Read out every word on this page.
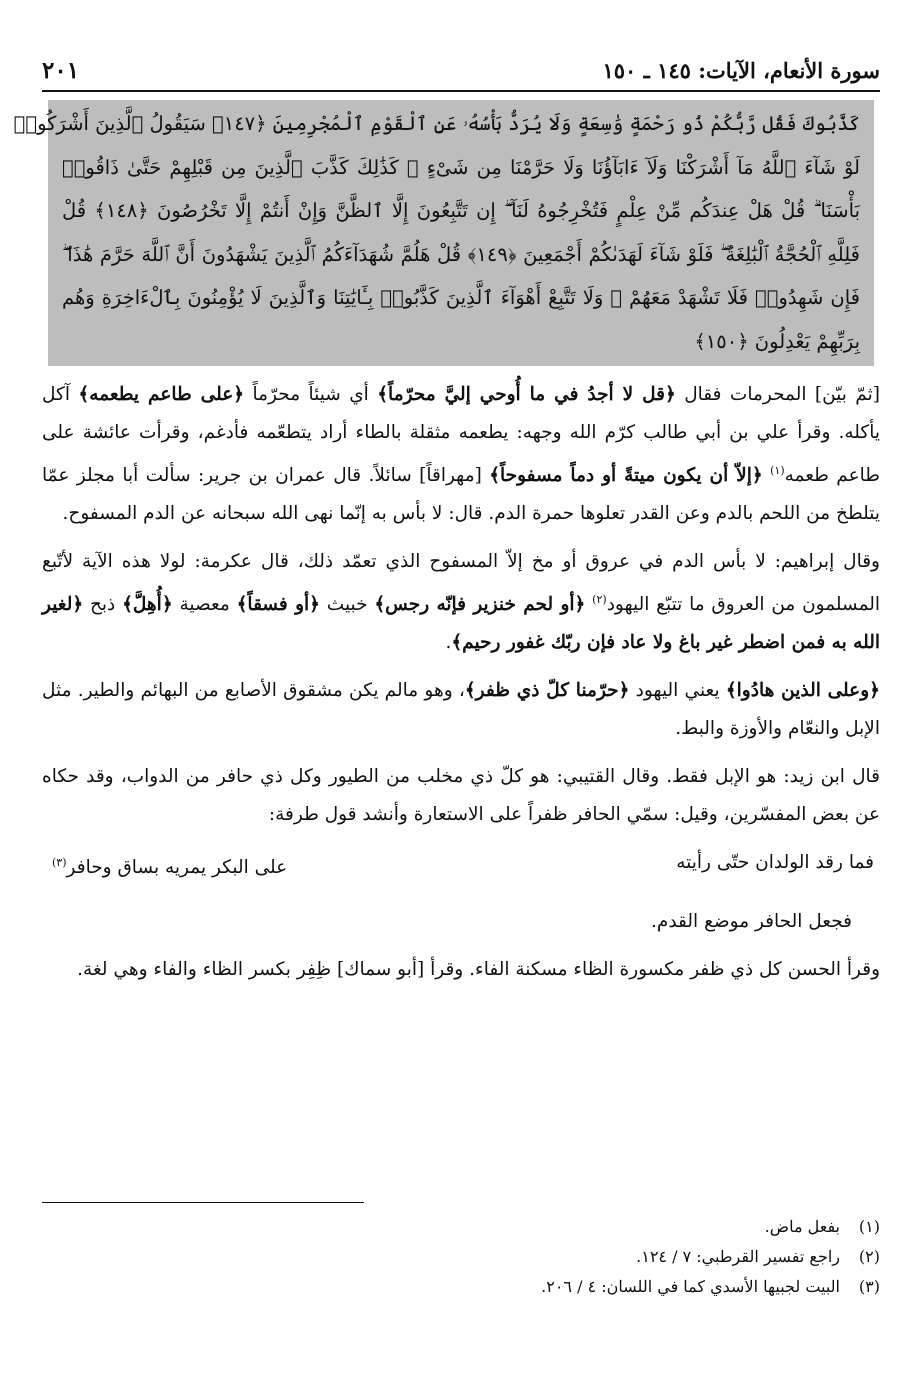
سورة الأنعام، الآيات: ١٤٥ ـ ١٥٠
٢٠١
كَذَّبُوكَ فَقُل رَّبُّكُمْ ذُو رَحْمَةٍ وَٰسِعَةٍ وَلَا يُرَدُّ بَأْسُهُۥ عَنِ ٱلْقَوْمِ ٱلْمُجْرِمِينَ ﴿١٤٧﴾ سَيَقُولُ ٱلَّذِينَ أَشْرَكُوا۟
لَوْ شَآءَ ٱللَّهُ مَآ أَشْرَكْنَا وَلَآ ءَابَآؤُنَا وَلَا حَرَّمْنَا مِن شَىْءٍ ۚ كَذَٰلِكَ كَذَّبَ ٱلَّذِينَ مِن قَبْلِهِمْ حَتَّىٰ ذَاقُوا۟
بَأْسَنَا ۗ قُلْ هَلْ عِندَكُم مِّنْ عِلْمٍ فَتُخْرِجُوهُ لَنَآ ۖ إِن تَتَّبِعُونَ إِلَّا ٱلظَّنَّ وَإِنْ أَنتُمْ إِلَّا تَخْرُصُونَ ﴿١٤٨﴾ قُلْ
فَلِلَّهِ ٱلْحُجَّةُ ٱلْبَٰلِغَةُ ۖ فَلَوْ شَآءَ لَهَدَىٰكُمْ أَجْمَعِينَ ﴿١٤٩﴾ قُلْ هَلُمَّ شُهَدَآءَكُمُ ٱلَّذِينَ يَشْهَدُونَ أَنَّ ٱللَّهَ حَرَّمَ هَٰذَا ۖ
فَإِن شَهِدُوا۟ فَلَا تَشْهَدْ مَعَهُمْ ۚ وَلَا تَتَّبِعْ أَهْوَآءَ ٱلَّذِينَ كَذَّبُوا۟ بِـَٔايَٰتِنَا وَٱلَّذِينَ لَا يُؤْمِنُونَ بِٱلْءَاخِرَةِ وَهُم
بِرَبِّهِمْ يَعْدِلُونَ ﴿١٥٠﴾

[ثمّ بيّن] المحرمات فقال ﴿قل لا أجدُ في ما أُوحي إليَّ محرّماً﴾ أي شيئاً محرّماً ﴿على طاعم يطعمه﴾ آكل يأكله. وقرأ علي بن أبي طالب كرّم الله وجهه: يطعمه مثقلة بالطاء أراد يتطعّمه فأدغم، وقرأت عائشة على طاعم طعمه$^{(١)}$ ﴿إلاّ أن يكون ميتةً أو دماً مسفوحاً﴾ [مهراقاً] سائلاً. قال عمران بن جرير: سألت أبا مجلز عمّا يتلطخ من اللحم بالدم وعن القدر تعلوها حمرة الدم. قال: لا بأس به إنّما نهى الله سبحانه عن الدم المسفوح.

وقال إبراهيم: لا بأس الدم في عروق أو مخ إلاّ المسفوح الذي تعمّد ذلك، قال عكرمة: لولا هذه الآية لأتّبع المسلمون من العروق ما تتبّع اليهود$^{(٢)}$ ﴿أو لحم خنزير فإنّه رجس﴾ خبيث ﴿أو فسقاً﴾ معصية ﴿أُهِلَّ﴾ ذبح ﴿لغير الله به فمن اضطر غير باغ ولا عاد فإن ربّك غفور رحيم﴾.

﴿وعلى الذين هادُوا﴾ يعني اليهود ﴿حرّمنا كلّ ذي ظفر﴾، وهو مالم يكن مشقوق الأصابع من البهائم والطير. مثل الإبل والنعّام والأوزة والبط.

قال ابن زيد: هو الإبل فقط. وقال القتيبي: هو كلّ ذي مخلب من الطيور وكل ذي حافر من الدواب، وقد حكاه عن بعض المفسّرين، وقيل: سمّي الحافر ظفراً على الاستعارة وأنشد قول طرفة:

فما رقد الولدان حتّى رأيته
على البكر يمريه بساق وحافر$^{(٣)}$

فجعل الحافر موضع القدم.

وقرأ الحسن كل ذي ظفر مكسورة الظاء مسكنة الفاء. وقرأ [أبو سماك] ظِفِر بكسر الظاء والفاء وهي لغة.

(١)
بفعل ماض.
(٢)
راجع تفسير القرطبي: ٧ / ١٢٤.
(٣)
البيت لجبيها الأسدي كما في اللسان: ٤ / ٢٠٦.
